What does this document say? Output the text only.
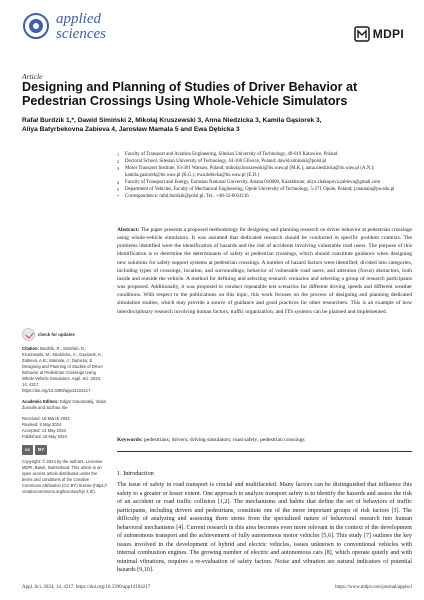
applied
sciences	MDPI
Article
Designing and Planning of Studies of Driver Behavior at Pedestrian Crossings Using Whole-Vehicle Simulators
Rafał Burdzik 1,*, Dawid Simiński 2, Mikołaj Kruszewski 3, Anna Niedzicka 3, Kamila Gąsiorek 3,
Aliya Batyrbekovna Zabieva 4, Jarosław Mamala 5 and Ewa Dębicka 3
1	Faculty of Transport and Aviation Engineering, Silesian University of Technology, 40-019 Katowice, Poland
2	Doctoral School, Silesian University of Technology, 44-100 Gliwice, Poland; dawid.siminski@polsl.pl
3	Motor Transport Institute, 03-301 Warsaw, Poland; mikolaj.kruszewski@its.waw.pl (M.K.); anna.niedzicka@its.waw.pl (A.N.); kamila.gasiorek@its.waw.pl (K.G.); ewa.debicka@its.waw.pl (E.D.)
4	Faculty of Transport and Energy, Eurasian National University, Astana 010000, Kazakhstan; aliya.zhakupova.zabieva@gmail.com
5	Department of Vehicles, Faculty of Mechanical Engineering, Opole University of Technology, 5-271 Opole, Poland; j.mamala@po.edu.pl
*	Correspondence: rafal.burdzik@polsl.pl; Tel.: +48-32-6034116
Abstract: The paper presents a proposed methodology for designing and planning research on driver behavior at pedestrian crossings using whole-vehicle simulators. It was assumed that dedicated research should be conducted in specific problem contexts. The problems identified were the identification of hazards and the risk of accidents involving vulnerable road users. The purpose of this identification is to determine the determinants of safety at pedestrian crossings, which should constitute guidance when designing new solutions for safety support systems at pedestrian crossings. A number of hazard factors were identified; divided into categories, including types of crossings, location, and surroundings; behavior of vulnerable road users; and attention (focus) distractors, both inside and outside the vehicle. A method for defining and selecting research scenarios and selecting a group of research participants was proposed. Additionally, it was proposed to conduct repeatable test scenarios for different driving speeds and different weather conditions. With respect to the publications on this topic, this work focuses on the process of designing and planning dedicated simulation studies, which may provide a source of guidance and good practices for other researchers. This is an example of how interdisciplinary research involving human factors, traffic organization, and ITS systems can be planned and implemented.
Keywords: pedestrians; drivers; driving simulators; road safety; pedestrian crossings
1. Introduction
The issue of safety in road transport is crucial and multifaceted. Many factors can be distinguished that influence this safety to a greater or lesser extent. One approach to analyze transport safety is to identify the hazards and assess the risk of an accident or road traffic collision [1,2]. The mechanisms and habits that define the set of behaviors of traffic participants, including drivers and pedestrians, constitute one of the more important groups of risk factors [3]. The difficulty of analyzing and assessing them stems from the specialized nature of behavioral research into human behavioral mechanisms [4]. Current research in this area becomes even more relevant in the context of the development of autonomous transport and the achievement of fully autonomous motor vehicles [5,6]. This study [7] outlines the key issues involved in the development of hybrid and electric vehicles, issues unknown to conventional vehicles with internal combustion engines. The growing number of electric and autonomous cars [8], which operate quietly and with minimal vibrations, requires a re-evaluation of safety factors. Noise and vibration are natural indicators of potential hazards [9,10].
check for updates
Citation: Burdzik, R.; Simiński, D.; Kruszewski, M.; Niedzicka, A.; Gąsiorek, K.; Zabieva, A.B.; Mamala, J.; Dębicka, E. Designing and Planning of Studies of Driver Behavior at Pedestrian Crossings Using Whole-Vehicle Simulators. Appl. Sci. 2024, 14, 4217. https://doi.org/10.3390/app14104217
Academic Editors: Edgar Sokolovskij, Vidas Žuraulis and Suzhao Xie
Received: 18 March 2024
Revised: 8 May 2024
Accepted: 14 May 2024
Published: 16 May 2024
cc	BY
Copyright: © 2024 by the authors. Licensee MDPI, Basel, Switzerland. This article is an open access article distributed under the terms and conditions of the Creative Commons Attribution (CC BY) license (https:// creativecommons.org/licenses/by/ 4.0/).
Appl. Sci. 2024, 14, 4217. https://doi.org/10.3390/app14104217	https://www.mdpi.com/journal/applsci
